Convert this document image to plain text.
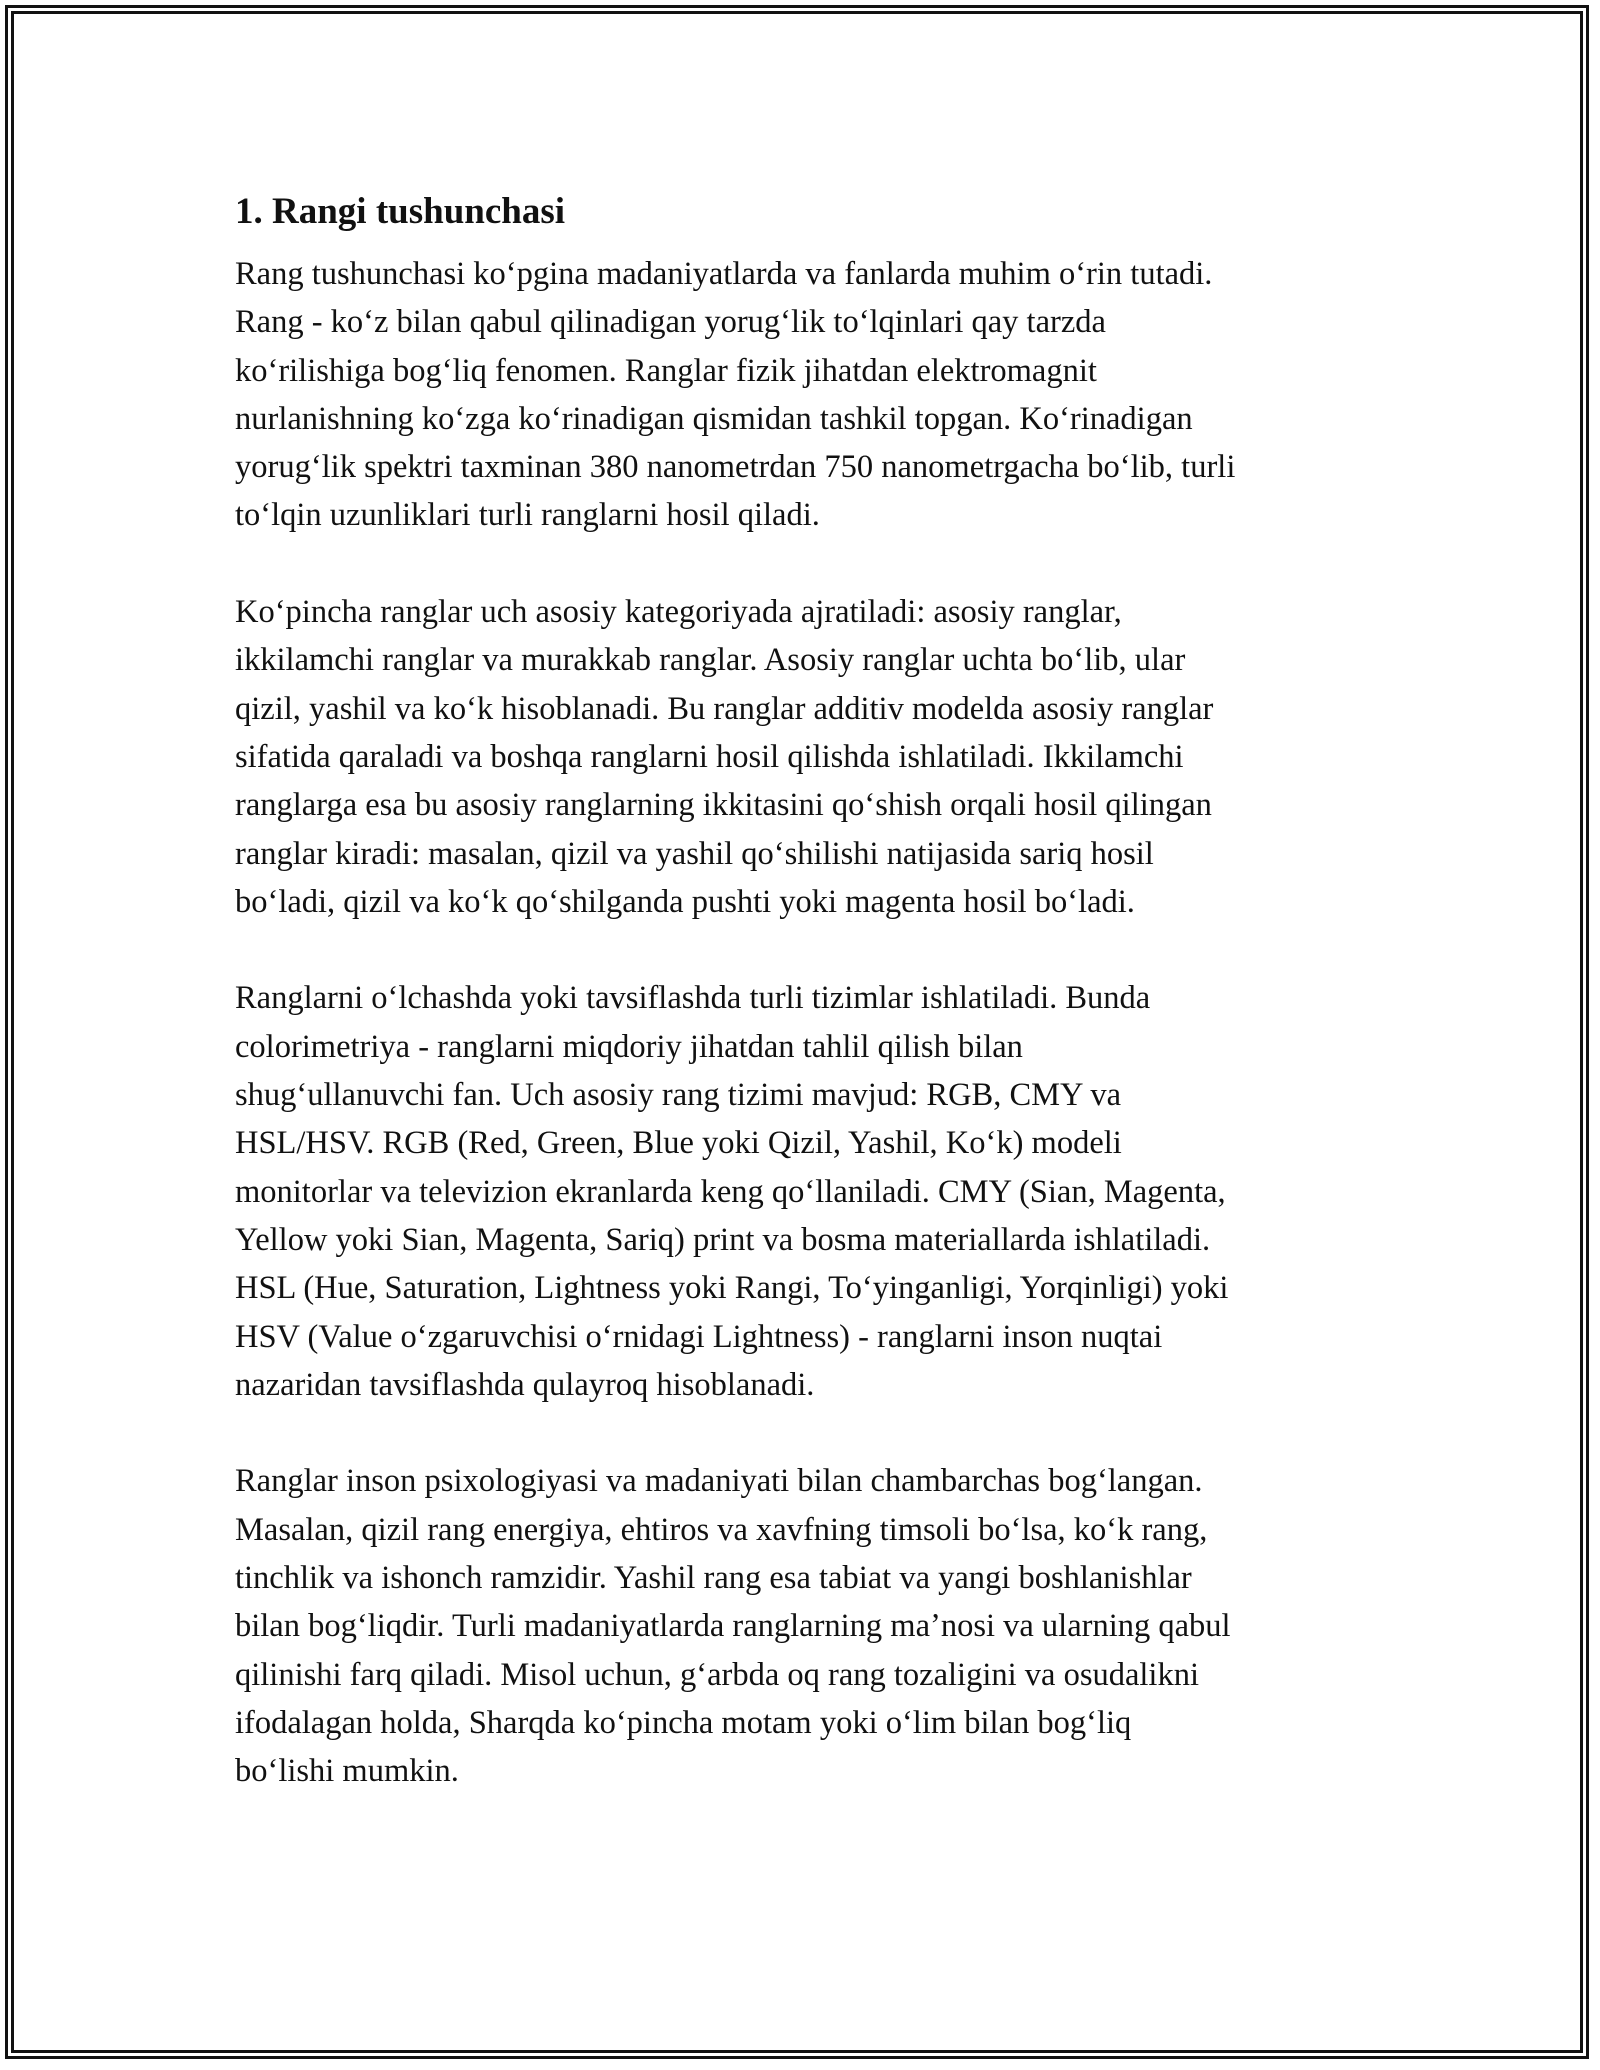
1. Rangi tushunchasi

Rang tushunchasi koʻpgina madaniyatlarda va fanlarda muhim oʻrin tutadi.
Rang - koʻz bilan qabul qilinadigan yorugʻlik toʻlqinlari qay tarzda
koʻrilishiga bogʻliq fenomen. Ranglar fizik jihatdan elektromagnit
nurlanishning koʻzga koʻrinadigan qismidan tashkil topgan. Koʻrinadigan
yorugʻlik spektri taxminan 380 nanometrdan 750 nanometrgacha boʻlib, turli
toʻlqin uzunliklari turli ranglarni hosil qiladi.

Koʻpincha ranglar uch asosiy kategoriyada ajratiladi: asosiy ranglar,
ikkilamchi ranglar va murakkab ranglar. Asosiy ranglar uchta boʻlib, ular
qizil, yashil va koʻk hisoblanadi. Bu ranglar additiv modelda asosiy ranglar
sifatida qaraladi va boshqa ranglarni hosil qilishda ishlatiladi. Ikkilamchi
ranglarga esa bu asosiy ranglarning ikkitasini qoʻshish orqali hosil qilingan
ranglar kiradi: masalan, qizil va yashil qoʻshilishi natijasida sariq hosil
boʻladi, qizil va koʻk qoʻshilganda pushti yoki magenta hosil boʻladi.

Ranglarni oʻlchashda yoki tavsiflashda turli tizimlar ishlatiladi. Bunda
colorimetriya - ranglarni miqdoriy jihatdan tahlil qilish bilan
shugʻullanuvchi fan. Uch asosiy rang tizimi mavjud: RGB, CMY va
HSL/HSV. RGB (Red, Green, Blue yoki Qizil, Yashil, Koʻk) modeli
monitorlar va televizion ekranlarda keng qoʻllaniladi. CMY (Sian, Magenta,
Yellow yoki Sian, Magenta, Sariq) print va bosma materiallarda ishlatiladi.
HSL (Hue, Saturation, Lightness yoki Rangi, Toʻyinganligi, Yorqinligi) yoki
HSV (Value oʻzgaruvchisi oʻrnidagi Lightness) - ranglarni inson nuqtai
nazaridan tavsiflashda qulayroq hisoblanadi.

Ranglar inson psixologiyasi va madaniyati bilan chambarchas bogʻlangan.
Masalan, qizil rang energiya, ehtiros va xavfning timsoli boʻlsa, koʻk rang,
tinchlik va ishonch ramzidir. Yashil rang esa tabiat va yangi boshlanishlar
bilan bogʻliqdir. Turli madaniyatlarda ranglarning maʼnosi va ularning qabul
qilinishi farq qiladi. Misol uchun, gʻarbda oq rang tozaligini va osudalikni
ifodalagan holda, Sharqda koʻpincha motam yoki oʻlim bilan bogʻliq
boʻlishi mumkin.
